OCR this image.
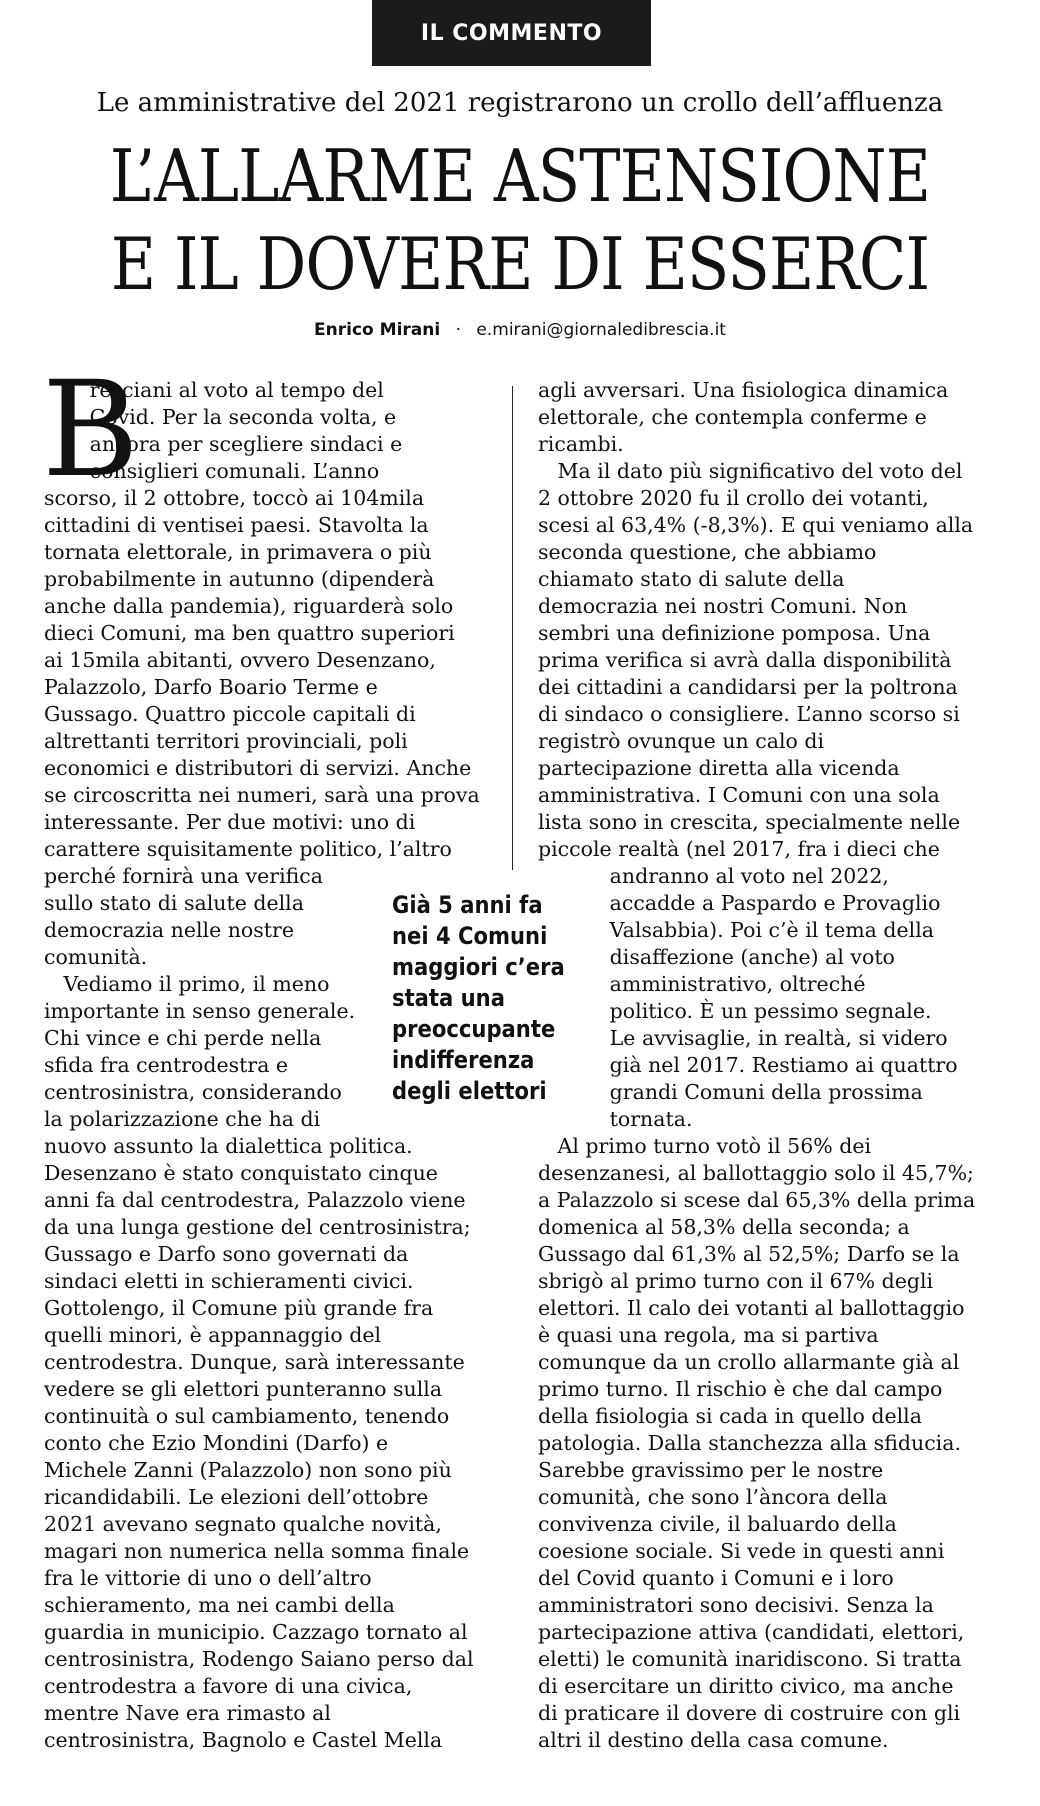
IL COMMENTO
Le amministrative del 2021 registrarono un crollo dell’affluenza
L’ALLARME ASTENSIONE
E IL DOVERE DI ESSERCI
Enrico Mirani · e.mirani@giornaledibrescia.it
B
resciani al voto al tempo del
Covid. Per la seconda volta, e
ancora per scegliere sindaci e
consiglieri comunali. L’anno
scorso, il 2 ottobre, toccò ai 104mila
cittadini di ventisei paesi. Stavolta la
tornata elettorale, in primavera o più
probabilmente in autunno (dipenderà
anche dalla pandemia), riguarderà solo
dieci Comuni, ma ben quattro superiori
ai 15mila abitanti, ovvero Desenzano,
Palazzolo, Darfo Boario Terme e
Gussago. Quattro piccole capitali di
altrettanti territori provinciali, poli
economici e distributori di servizi. Anche
se circoscritta nei numeri, sarà una prova
interessante. Per due motivi: uno di
carattere squisitamente politico, l’altro
perché fornirà una verifica
sullo stato di salute della
democrazia nelle nostre
comunità.
Vediamo il primo, il meno
importante in senso generale.
Chi vince e chi perde nella
sfida fra centrodestra e
centrosinistra, considerando
la polarizzazione che ha di
nuovo assunto la dialettica politica.
Desenzano è stato conquistato cinque
anni fa dal centrodestra, Palazzolo viene
da una lunga gestione del centrosinistra;
Gussago e Darfo sono governati da
sindaci eletti in schieramenti civici.
Gottolengo, il Comune più grande fra
quelli minori, è appannaggio del
centrodestra. Dunque, sarà interessante
vedere se gli elettori punteranno sulla
continuità o sul cambiamento, tenendo
conto che Ezio Mondini (Darfo) e
Michele Zanni (Palazzolo) non sono più
ricandidabili. Le elezioni dell’ottobre
2021 avevano segnato qualche novità,
magari non numerica nella somma finale
fra le vittorie di uno o dell’altro
schieramento, ma nei cambi della
guardia in municipio. Cazzago tornato al
centrosinistra, Rodengo Saiano perso dal
centrodestra a favore di una civica,
mentre Nave era rimasto al
centrosinistra, Bagnolo e Castel Mella
agli avversari. Una fisiologica dinamica
elettorale, che contempla conferme e
ricambi.
Ma il dato più significativo del voto del
2 ottobre 2020 fu il crollo dei votanti,
scesi al 63,4% (-8,3%). E qui veniamo alla
seconda questione, che abbiamo
chiamato stato di salute della
democrazia nei nostri Comuni. Non
sembri una definizione pomposa. Una
prima verifica si avrà dalla disponibilità
dei cittadini a candidarsi per la poltrona
di sindaco o consigliere. L’anno scorso si
registrò ovunque un calo di
partecipazione diretta alla vicenda
amministrativa. I Comuni con una sola
lista sono in crescita, specialmente nelle
piccole realtà (nel 2017, fra i dieci che
andranno al voto nel 2022,
accadde a Paspardo e Provaglio
Valsabbia). Poi c’è il tema della
disaffezione (anche) al voto
amministrativo, oltreché
politico. È un pessimo segnale.
Le avvisaglie, in realtà, si videro
già nel 2017. Restiamo ai quattro
grandi Comuni della prossima
tornata.
Al primo turno votò il 56% dei
desenzanesi, al ballottaggio solo il 45,7%;
a Palazzolo si scese dal 65,3% della prima
domenica al 58,3% della seconda; a
Gussago dal 61,3% al 52,5%; Darfo se la
sbrigò al primo turno con il 67% degli
elettori. Il calo dei votanti al ballottaggio
è quasi una regola, ma si partiva
comunque da un crollo allarmante già al
primo turno. Il rischio è che dal campo
della fisiologia si cada in quello della
patologia. Dalla stanchezza alla sfiducia.
Sarebbe gravissimo per le nostre
comunità, che sono l’àncora della
convivenza civile, il baluardo della
coesione sociale. Si vede in questi anni
del Covid quanto i Comuni e i loro
amministratori sono decisivi. Senza la
partecipazione attiva (candidati, elettori,
eletti) le comunità inaridiscono. Si tratta
di esercitare un diritto civico, ma anche
di praticare il dovere di costruire con gli
altri il destino della casa comune.
Già 5 anni fa
nei 4 Comuni
maggiori c’era
stata una
preoccupante
indifferenza
degli elettori
